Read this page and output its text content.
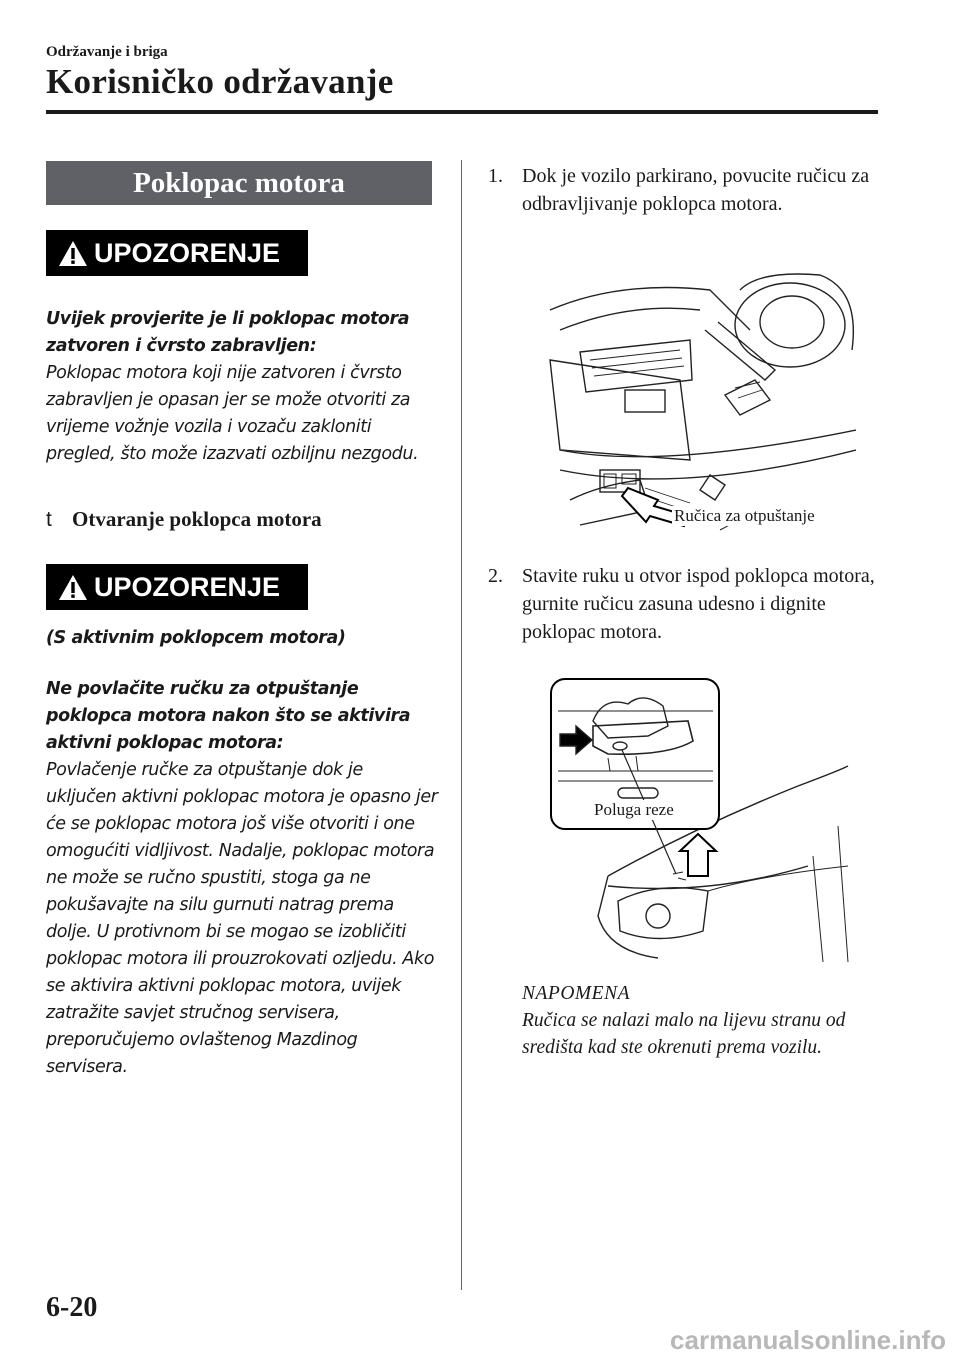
Održavanje i briga
Korisničko održavanje
Poklopac motora
UPOZORENJE
Uvijek provjerite je li poklopac motora zatvoren i čvrsto zabravljen:
Poklopac motora koji nije zatvoren i čvrsto zabravljen je opasan jer se može otvoriti za vrijeme vožnje vozila i vozaču zakloniti pregled, što može izazvati ozbiljnu nezgodu.
t Otvaranje poklopca motora
UPOZORENJE
(S aktivnim poklopcem motora)
Ne povlačite ručku za otpuštanje poklopca motora nakon što se aktivira aktivni poklopac motora:
Povlačenje ručke za otpuštanje dok je uključen aktivni poklopac motora je opasno jer će se poklopac motora još više otvoriti i one omogućiti vidljivost. Nadalje, poklopac motora ne može se ručno spustiti, stoga ga ne pokušavajte na silu gurnuti natrag prema dolje. U protivnom bi se mogao se izobličiti poklopac motora ili prouzrokovati ozljedu. Ako se aktivira aktivni poklopac motora, uvijek zatražite savjet stručnog servisera, preporučujemo ovlaštenog Mazdinog servisera.
1. Dok je vozilo parkirano, povucite ručicu za odbravljivanje poklopca motora.
Ručica za otpuštanje
2. Stavite ruku u otvor ispod poklopca motora, gurnite ručicu zasuna udesno i dignite poklopac motora.
Poluga reze
NAPOMENA
Ručica se nalazi malo na lijevu stranu od središta kad ste okrenuti prema vozilu.
6-20
carmanualsonline.info
